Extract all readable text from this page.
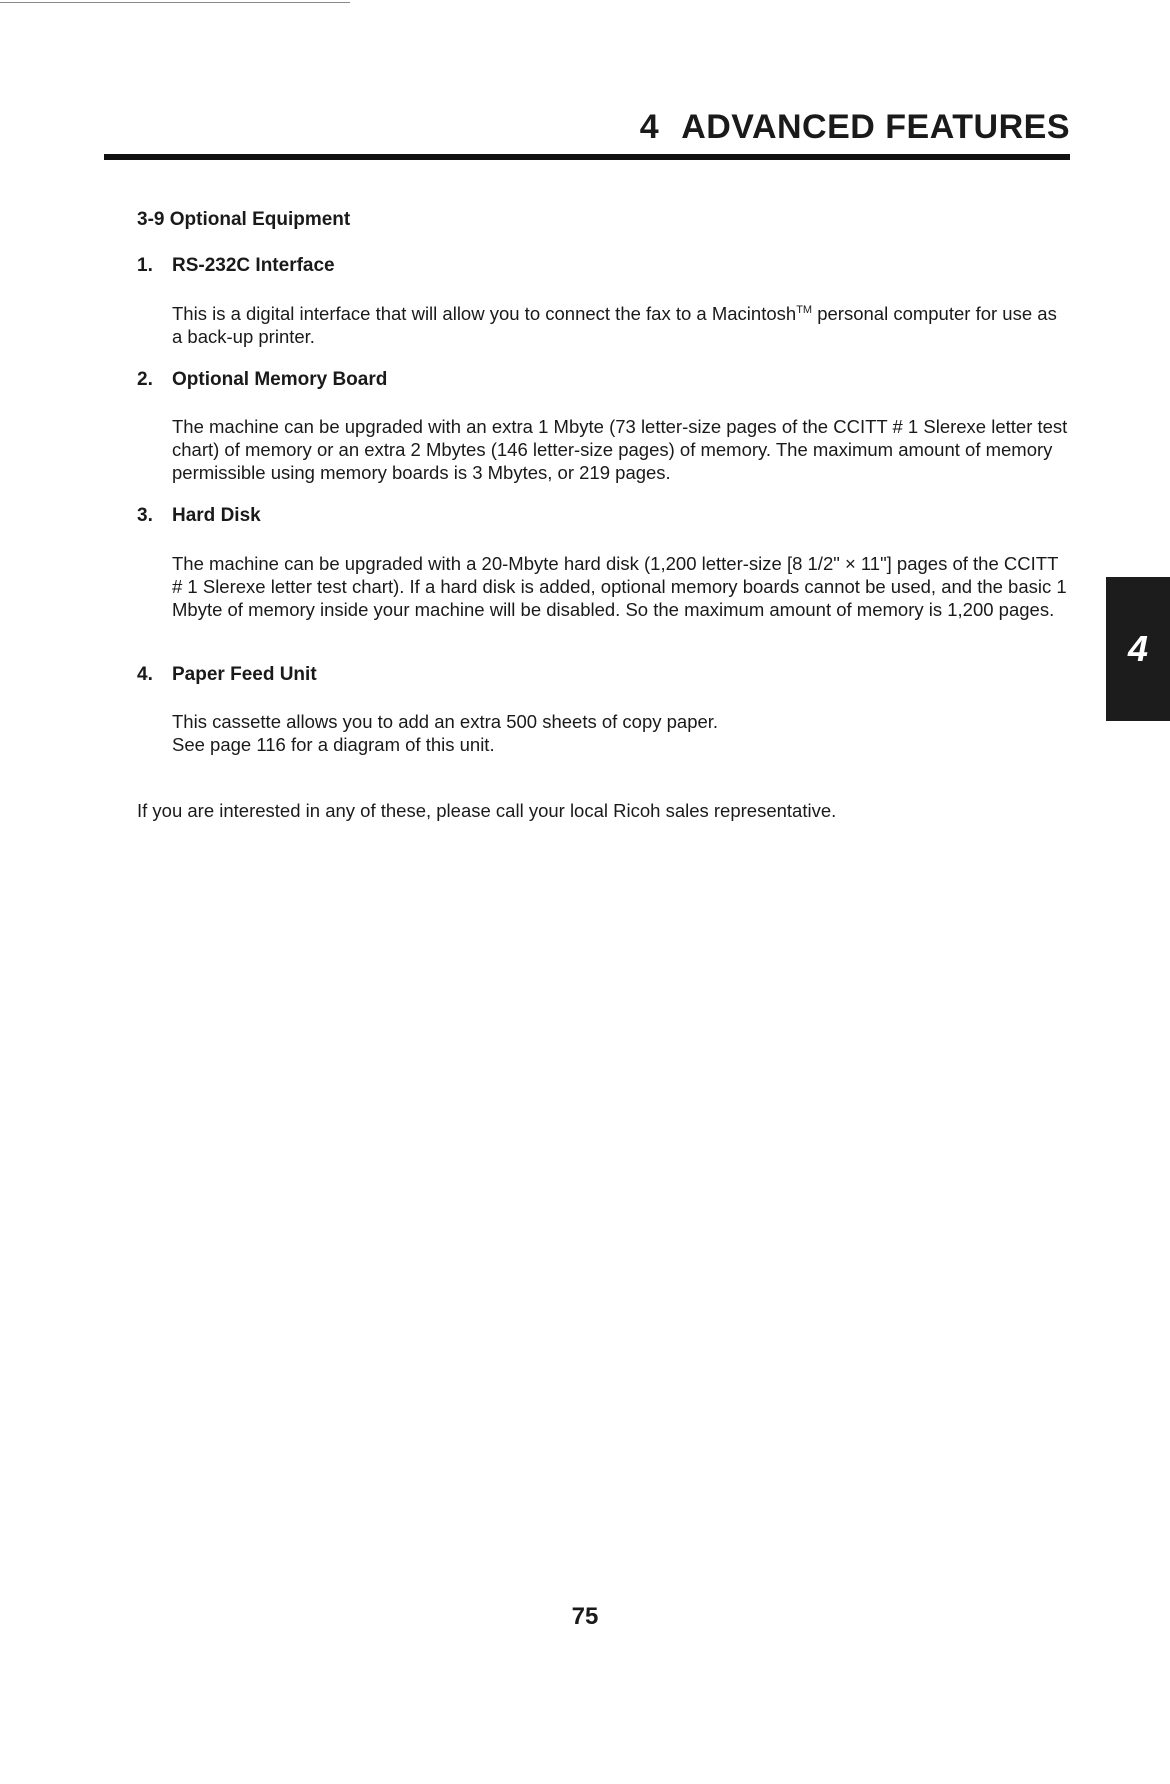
4 ADVANCED FEATURES
3-9 Optional Equipment
1. RS-232C Interface

This is a digital interface that will allow you to connect the fax to a Macintosh™ personal computer for use as a back-up printer.

2. Optional Memory Board

The machine can be upgraded with an extra 1 Mbyte (73 letter-size pages of the CCITT # 1 Slerexe letter test chart) of memory or an extra 2 Mbytes (146 letter-size pages) of memory. The maximum amount of memory permissible using memory boards is 3 Mbytes, or 219 pages.

3. Hard Disk

The machine can be upgraded with a 20-Mbyte hard disk (1,200 letter-size [8 1/2" × 11"] pages of the CCITT # 1 Slerexe letter test chart). If a hard disk is added, optional memory boards cannot be used, and the basic 1 Mbyte of memory inside your machine will be disabled. So the maximum amount of memory is 1,200 pages.

4. Paper Feed Unit

This cassette allows you to add an extra 500 sheets of copy paper.

See page 116 for a diagram of this unit.

If you are interested in any of these, please call your local Ricoh sales representative.
4
75
